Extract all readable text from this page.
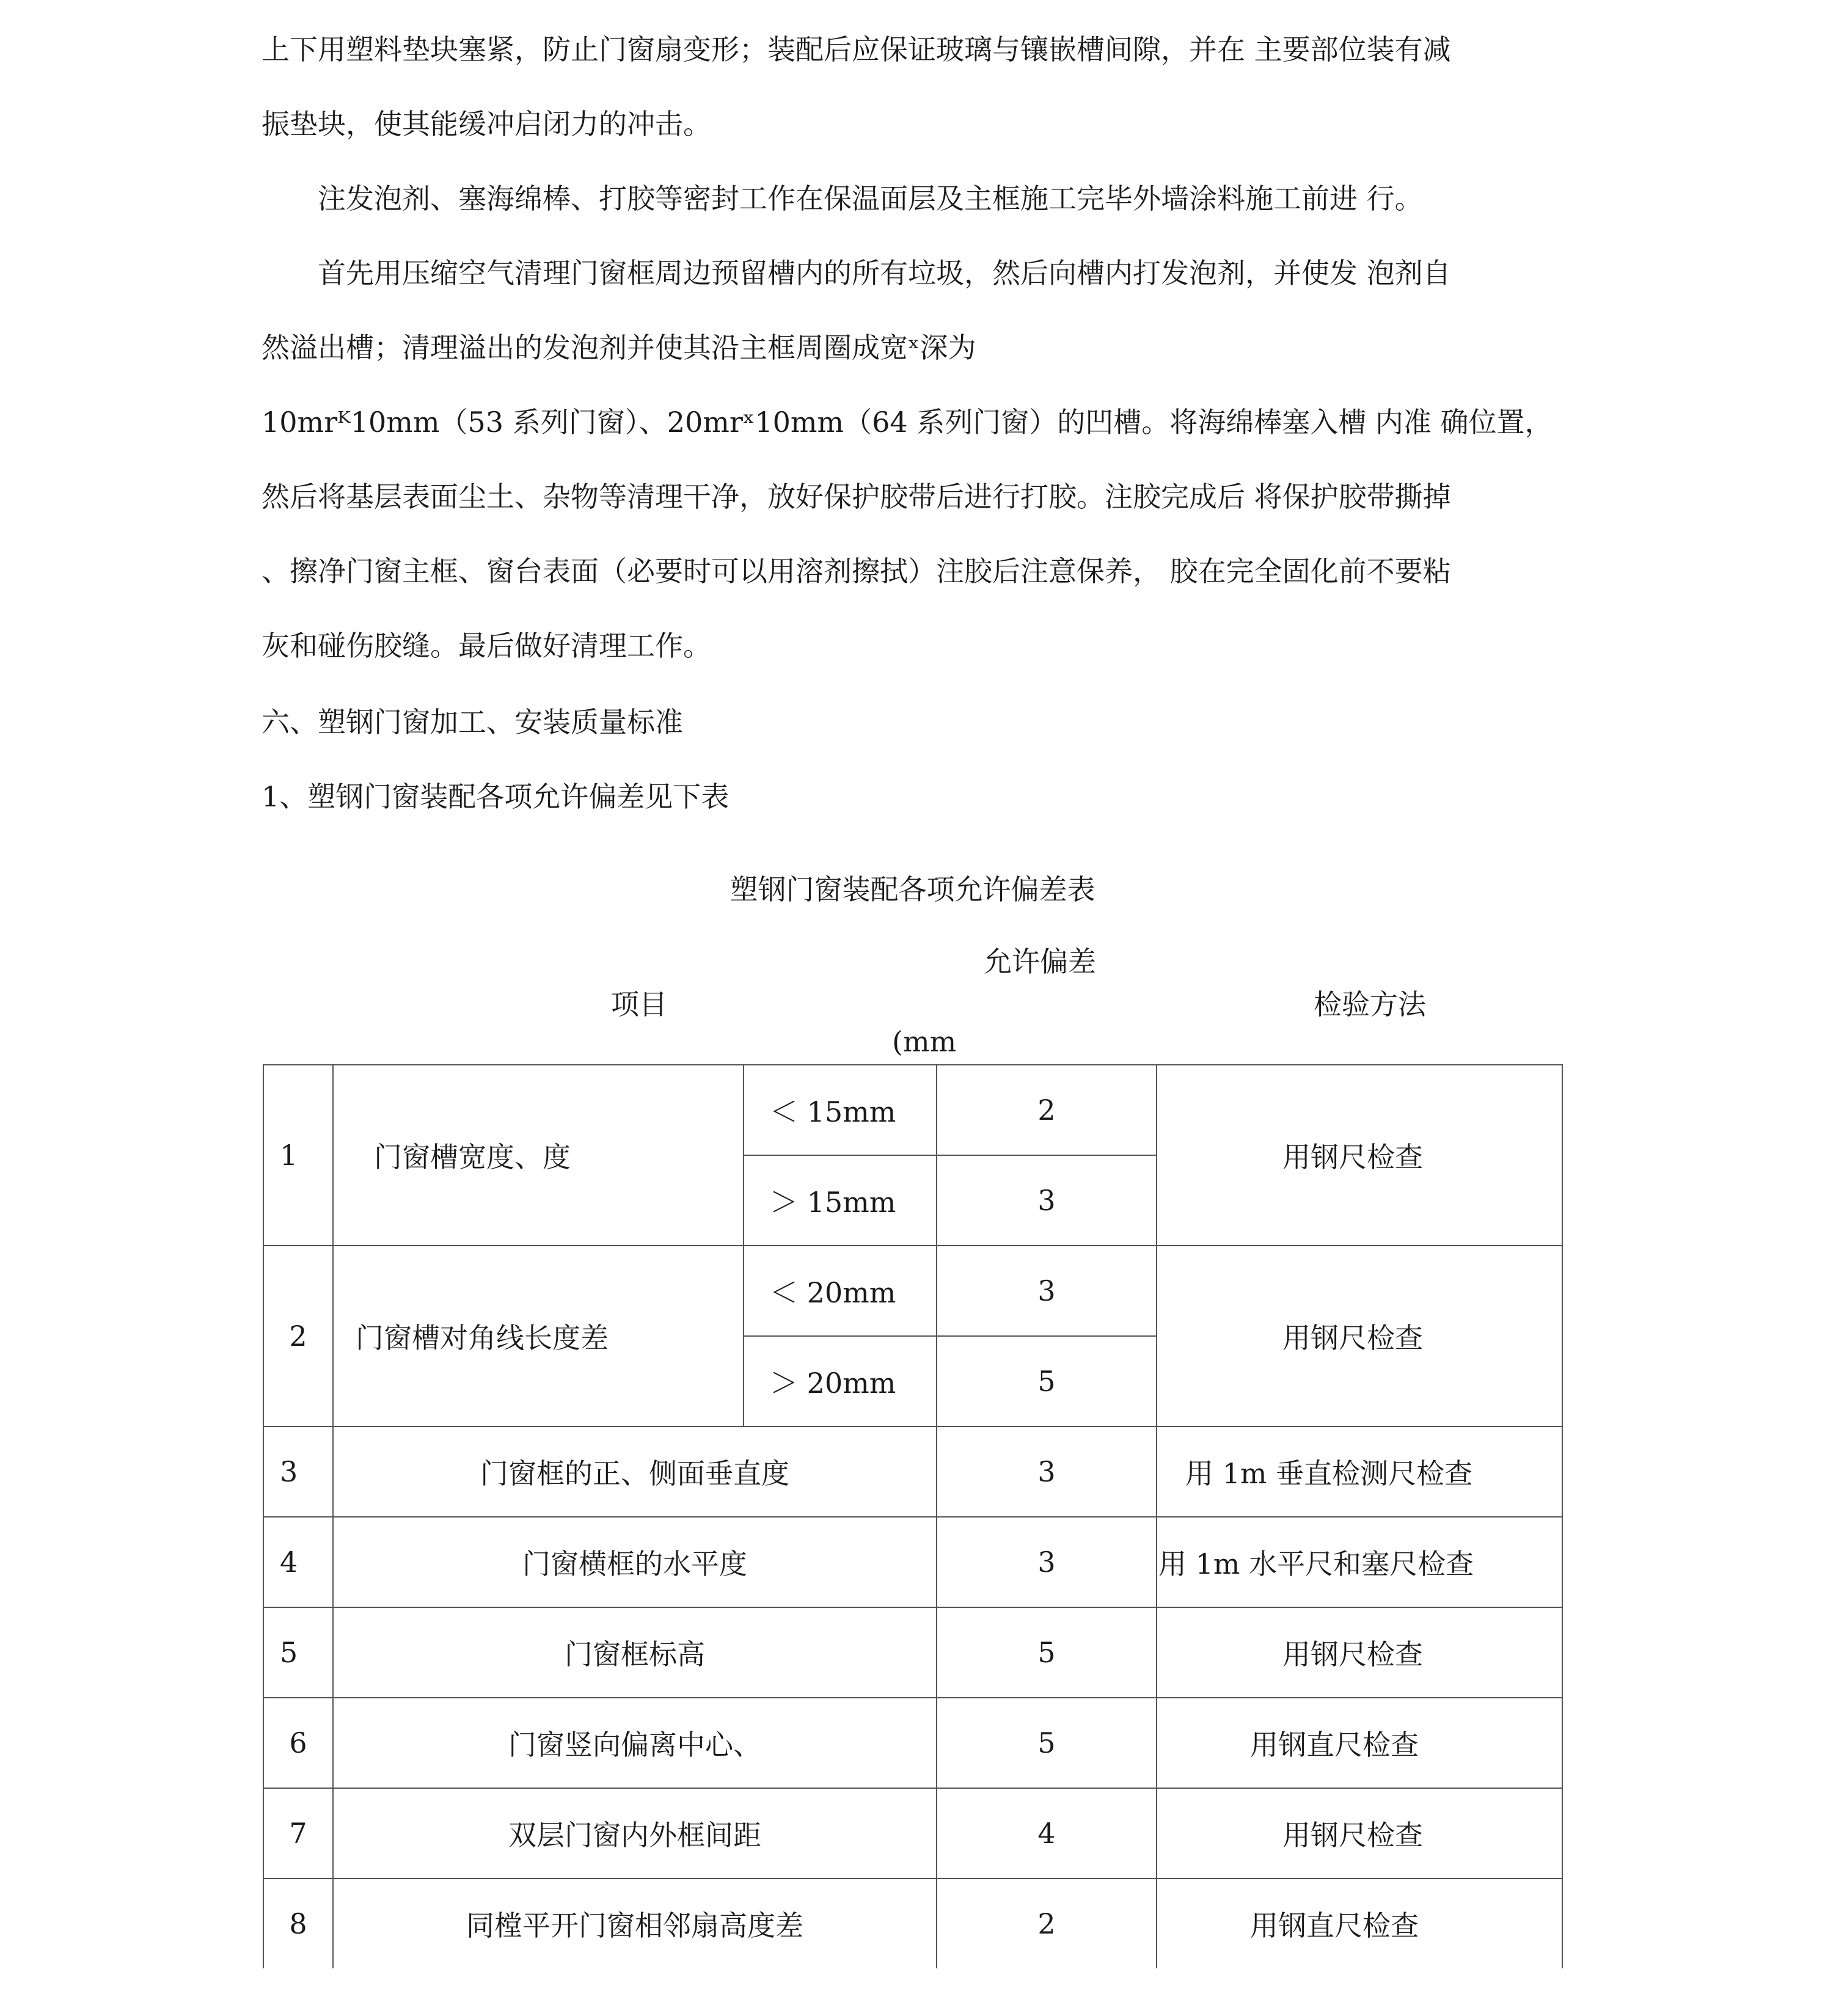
上下用塑料垫块塞紧，防止门窗扇变形；装配后应保证玻璃与镶嵌槽间隙，并在 主要部位装有减
振垫块，使其能缓冲启闭力的冲击。
　　注发泡剂、塞海绵棒、打胶等密封工作在保温面层及主框施工完毕外墙涂料施工前进 行。
　　首先用压缩空气清理门窗框周边预留槽内的所有垃圾，然后向槽内打发泡剂，并使发 泡剂自
然溢出槽；清理溢出的发泡剂并使其沿主框周圈成宽ˣ深为
10mrᴷ10mm（53 系列门窗）、20mrˣ10mm（64 系列门窗）的凹槽。将海绵棒塞入槽 内准 确位置，
然后将基层表面尘土、杂物等清理干净，放好保护胶带后进行打胶。注胶完成后 将保护胶带撕掉
、擦净门窗主框、窗台表面（必要时可以用溶剂擦拭）注胶后注意保养， 胶在完全固化前不要粘
灰和碰伤胶缝。最后做好清理工作。
六、塑钢门窗加工、安装质量标准
1、塑钢门窗装配各项允许偏差见下表
塑钢门窗装配各项允许偏差表
项目
允许偏差
(mm
检验方法
1	门窗槽宽度、度	＜ 15mm	2	用钢尺检查
		＞ 15mm	3	
2	门窗槽对角线长度差	＜ 20mm	3	用钢尺检查
		＞ 20mm	5	
3	门窗框的正、侧面垂直度		3	用 1m 垂直检测尺检查
4	门窗横框的水平度		3	用 1m 水平尺和塞尺检查
5	门窗框标高		5	用钢尺检查
6	门窗竖向偏离中心、		5	用钢直尺检查
7	双层门窗内外框间距		4	用钢尺检查
8	同樘平开门窗相邻扇高度差		2	用钢直尺检查
